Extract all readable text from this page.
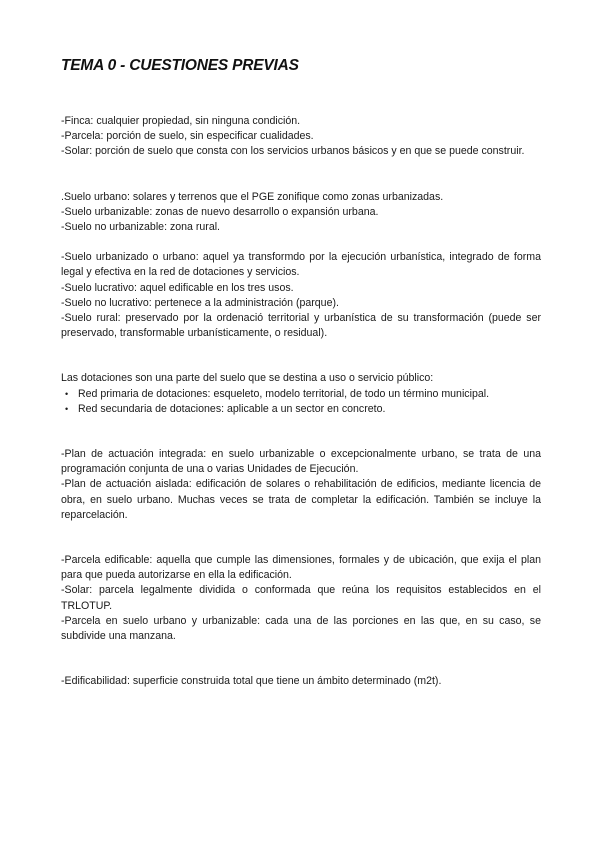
TEMA 0 - CUESTIONES PREVIAS

-Finca: cualquier propiedad, sin ninguna condición.

-Parcela: porción de suelo, sin especificar cualidades.

-Solar: porción de suelo que consta con los servicios urbanos básicos y en que se puede construir.

.Suelo urbano: solares y terrenos que el PGE zonifique como zonas urbanizadas.

-Suelo urbanizable: zonas de nuevo desarrollo o expansión urbana.

-Suelo no urbanizable: zona rural.

-Suelo urbanizado o urbano: aquel ya transformdo por la ejecución urbanística, integrado de forma legal y efectiva en la red de dotaciones y servicios.

-Suelo lucrativo: aquel edificable en los tres usos.

-Suelo no lucrativo: pertenece a la administración (parque).

-Suelo rural: preservado por la ordenació territorial y urbanística de su transformación (puede ser preservado, transformable urbanísticamente, o residual).

Las dotaciones son una parte del suelo que se destina a uso o servicio público:

• Red primaria de dotaciones: esqueleto, modelo territorial, de todo un término municipal.
• Red secundaria de dotaciones: aplicable a un sector en concreto.

-Plan de actuación integrada: en suelo urbanizable o excepcionalmente urbano, se trata de una programación conjunta de una o varias Unidades de Ejecución.

-Plan de actuación aislada: edificación de solares o rehabilitación de edificios, mediante licencia de obra, en suelo urbano. Muchas veces se trata de completar la edificación. También se incluye la reparcelación.

-Parcela edificable: aquella que cumple las dimensiones, formales y de ubicación, que exija el plan para que pueda autorizarse en ella la edificación.

-Solar: parcela legalmente dividida o conformada que reúna los requisitos establecidos en el TRLOTUP.

-Parcela en suelo urbano y urbanizable: cada una de las porciones en las que, en su caso, se subdivide una manzana.

-Edificabilidad: superficie construida total que tiene un ámbito determinado (m2t).
